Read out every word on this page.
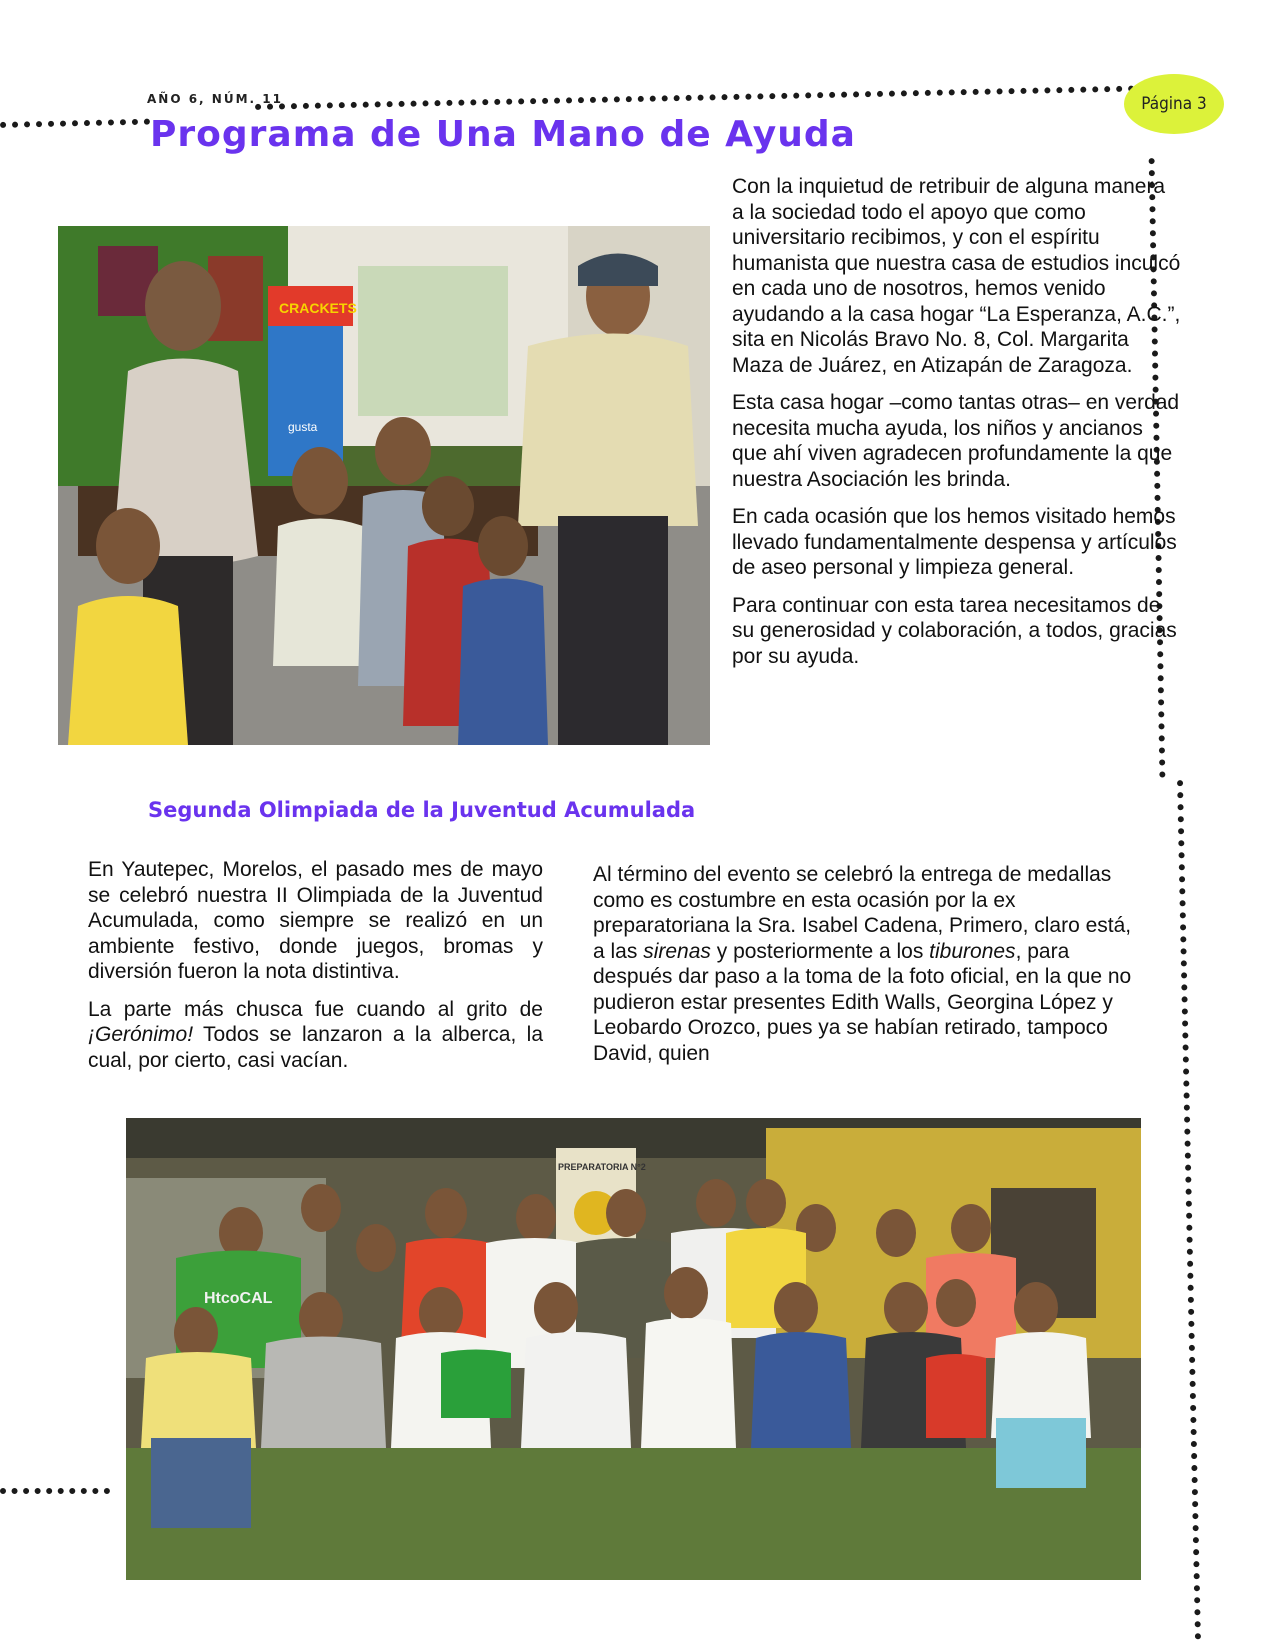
AÑO 6, NÚM. 11	Página 3
Programa de Una Mano de Ayuda
CRACKETS
gusta

Con la inquietud de retribuir de alguna manera a la sociedad todo el apoyo que como universitario recibimos, y con el espíritu humanista que nuestra casa de estudios inculcó en cada uno de nosotros, hemos venido ayudando a la casa hogar “La Esperanza, A.C.”, sita en Nicolás Bravo No. 8, Col. Margarita Maza de Juárez, en Atizapán de Zaragoza.

Esta casa hogar –como tantas otras– en verdad necesita mucha ayuda, los niños y ancianos que ahí viven agradecen profundamente la que nuestra Asociación les brinda.

En cada ocasión que los hemos visitado hemos llevado fundamentalmente despensa y artículos de aseo personal y limpieza general.

Para continuar con esta tarea necesitamos de su generosidad y colaboración, a todos, gracias por su ayuda.

Segunda Olimpiada de la Juventud Acumulada

En Yautepec, Morelos, el pasado mes de mayo se celebró nuestra II Olimpiada de la Juventud Acumulada, como siempre se realizó en un ambiente festivo, donde juegos, bromas y diversión fueron la nota distintiva.

La parte más chusca fue cuando al grito de ¡Gerónimo! Todos se lanzaron a la alberca, la cual, por cierto, casi vacían.

Al término del evento se celebró la entrega de medallas como es costumbre en esta ocasión por la ex preparatoriana la Sra. Isabel Cadena, Primero, claro está, a las sirenas y posteriormente a los tiburones, para después dar paso a la toma de la foto oficial, en la que no pudieron estar presentes Edith Walls, Georgina López y Leobardo Orozco, pues ya se habían retirado, tampoco David, quien

PREPARATORIA N°2
HtcoCAL
